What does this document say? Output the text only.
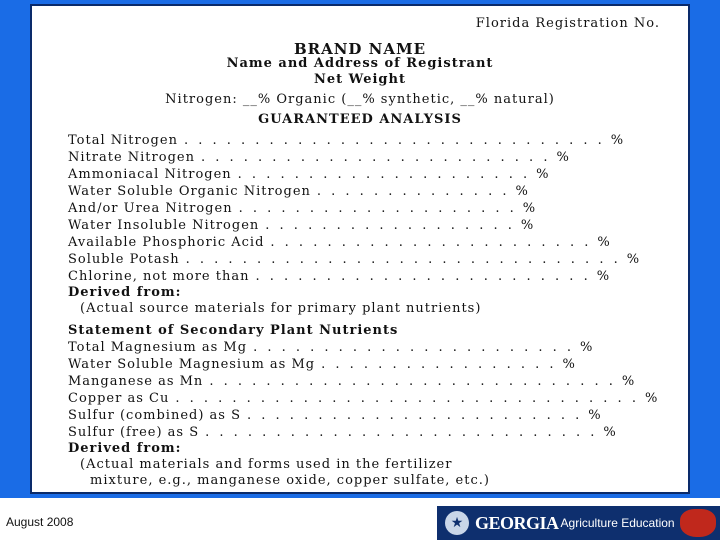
Florida Registration No.
BRAND NAME
Name and Address of Registrant
Net Weight
Nitrogen: __% Organic (__% synthetic, __% natural)
GUARANTEED ANALYSIS
Total Nitrogen . . . . . . . . . . . . . . . . . . . . . . . . . . . . . . %
Nitrate Nitrogen . . . . . . . . . . . . . . . . . . . . . . . . . %
Ammoniacal Nitrogen . . . . . . . . . . . . . . . . . . . . . %
Water Soluble Organic Nitrogen . . . . . . . . . . . . . . %
And/or Urea Nitrogen . . . . . . . . . . . . . . . . . . . . %
Water Insoluble Nitrogen . . . . . . . . . . . . . . . . . . %
Available Phosphoric Acid . . . . . . . . . . . . . . . . . . . . . . . %
Soluble Potash . . . . . . . . . . . . . . . . . . . . . . . . . . . . . . . %
Chlorine, not more than . . . . . . . . . . . . . . . . . . . . . . . . %
Derived from:
(Actual source materials for primary plant nutrients)
Statement of Secondary Plant Nutrients
Total Magnesium as Mg . . . . . . . . . . . . . . . . . . . . . . . %
Water Soluble Magnesium as Mg . . . . . . . . . . . . . . . . . %
Manganese as Mn . . . . . . . . . . . . . . . . . . . . . . . . . . . . . %
Copper as Cu . . . . . . . . . . . . . . . . . . . . . . . . . . . . . . . . . %
Sulfur (combined) as S . . . . . . . . . . . . . . . . . . . . . . . . %
Sulfur (free) as S . . . . . . . . . . . . . . . . . . . . . . . . . . . . %
Derived from:
(Actual materials and forms used in the fertilizer
mixture, e.g., manganese oxide, copper sulfate, etc.)
August 2008	★ GEORGIA Agriculture Education
